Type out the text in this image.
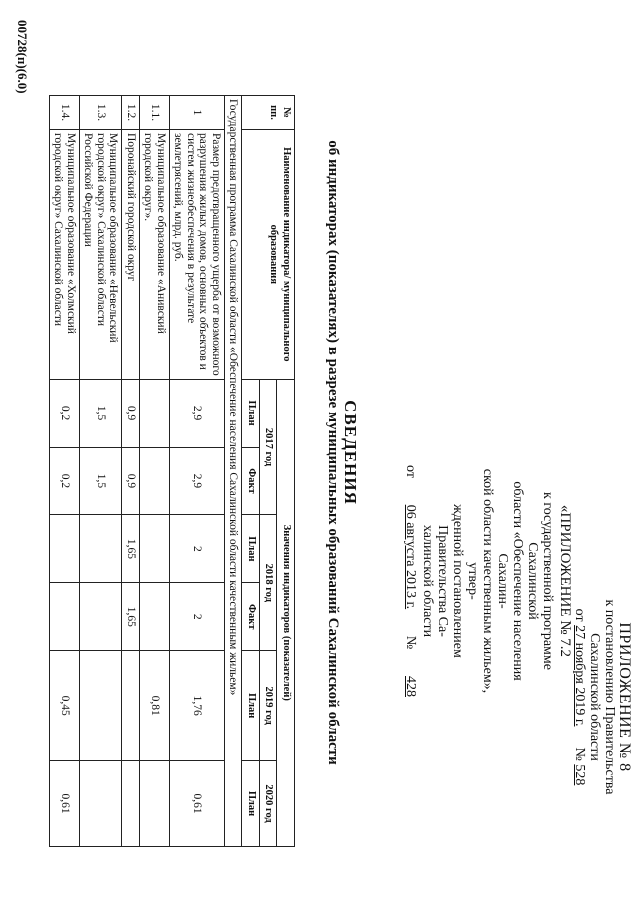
ПРИЛОЖЕНИЕ № 8
к постановлению Правительства
Сахалинской области
от 27 ноября 2019 г.      № 528
«ПРИЛОЖЕНИЕ № 7.2
к государственной программе Сахалинской
области «Обеспечение населения Сахалин-
ской области качественным жильем», утвер-
жденной постановлением Правительства Са-
халинской области
от
06 августа 2013 г.
№
428
СВЕДЕНИЯ
об индикаторах (показателях) в разрезе муниципальных образований Сахалинской области
№ пп.	Наименование индикатора/ муниципального образования	Значения индикаторов (показателей)					
		2017 год		2018 год		2019 год	2020 год
		План	Факт	План	Факт	План	План
Государственная программа Сахалинской области «Обеспечение населения Сахалинской области качественным жильем»							
1	Размер предотвращенного ущерба от возможного разрушения жилых домов, основных объектов и систем жизнеобеспечения в результате землетрясений, млрд. руб.	2,9	2,9	2	2	1,76	0,61
1.1.	Муниципальное образование «Анивский городской округ».					0,81	
1.2.	Поронайский городской округ	0,9	0,9	1,65	1,65		
1.3.	Муниципальное образование «Невельский городской округ» Сахалинской области Российской Федерации	1,5	1,5				
1.4.	Муниципальное образование «Холмский городской округ» Сахалинской области	0,2	0,2			0,45	0,61
00728(п)(6.0)
